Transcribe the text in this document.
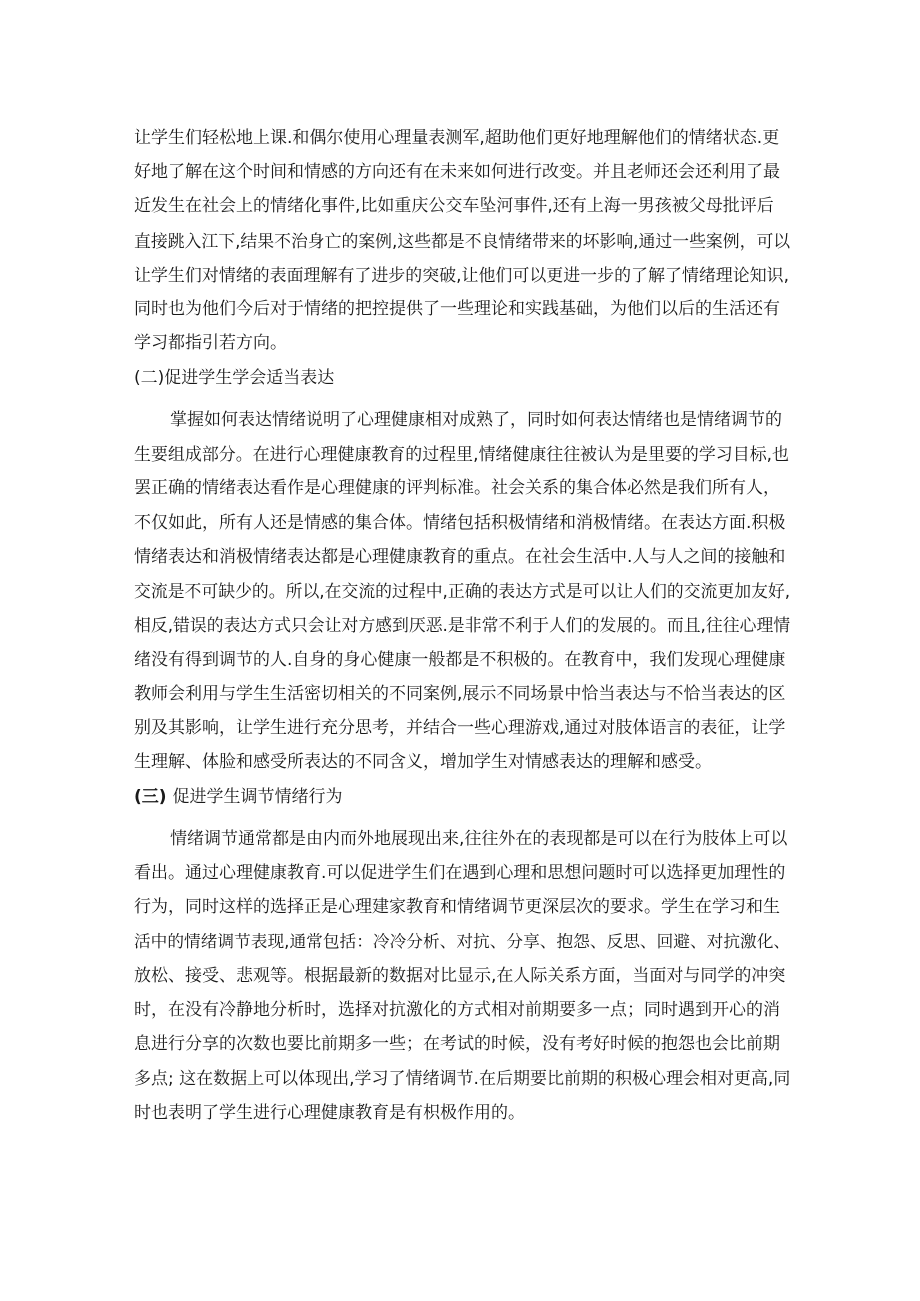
让学生们轻松地上课.和偶尔使用心理量表测军,超助他们更好地理解他们的情绪状态.更
好地了解在这个时间和情感的方向还有在未来如何进行改变。并且老师还会还利用了最
近发生在社会上的情绪化事件,比如重庆公交车坠河事件,还有上海一男孩被父母批评后
直接跳入江下,结果不治身亡的案例,这些都是不良情绪带来的坏影响,通过一些案例，可以
让学生们对情绪的表面理解有了进步的突破,让他们可以更进一步的了解了情绪理论知识,
同时也为他们今后对于情绪的把控提供了一些理论和实践基础，为他们以后的生活还有
学习都指引若方向。
(二)促进学生学会适当表达
掌握如何表达情绪说明了心理健康相对成熟了，同时如何表达情绪也是情绪调节的
生要组成部分。在进行心理健康教育的过程里,情绪健康往往被认为是里要的学习目标,也
罢正确的情绪表达看作是心理健康的评判标准。社会关系的集合体必然是我们所有人，
不仅如此，所有人还是情感的集合体。情绪包括积极情绪和消极情绪。在表达方面.积极
情绪表达和消极情绪表达都是心理健康教育的重点。在社会生活中.人与人之间的接触和
交流是不可缺少的。所以,在交流的过程中,正确的表达方式是可以让人们的交流更加友好,
相反,错误的表达方式只会让对方感到厌恶.是非常不利于人们的发展的。而且,往往心理情
绪没有得到调节的人.自身的身心健康一般都是不积极的。在教育中，我们发现心理健康
教师会利用与学生生活密切相关的不同案例,展示不同场景中恰当表达与不恰当表达的区
别及其影响，让学生进行充分思考，并结合一些心理游戏,通过对肢体语言的表征，让学
生理解、体脸和感受所表达的不同含义，增加学生对情感表达的理解和感受。
(三) 促进学生调节情绪行为
情绪调节通常都是由内而外地展现出来,往往外在的表现都是可以在行为肢体上可以
看出。通过心理健康教育.可以促进学生们在遇到心理和思想问题时可以选择更加理性的
行为，同时这样的选择正是心理建家教育和情绪调节更深层次的要求。学生在学习和生
活中的情绪调节表现,通常包括：冷冷分析、对抗、分享、抱怨、反思、回避、对抗激化、
放松、接受、悲观等。根据最新的数据对比显示,在人际关系方面，当面对与同学的冲突
时，在没有冷静地分析时，选择对抗激化的方式相对前期要多一点；同时遇到开心的消
息进行分享的次数也要比前期多一些；在考试的时候，没有考好时候的抱怨也会比前期
多点; 这在数据上可以体现出,学习了情绪调节.在后期要比前期的积极心理会相对更高,同
时也表明了学生进行心理健康教育是有枳极作用的。
